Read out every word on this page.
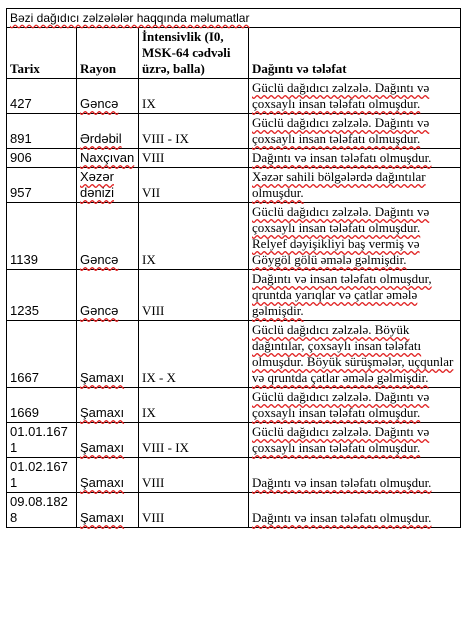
Bəzi dağıdıcı zəlzələlər haqqında məlumatlar			
Tarix	Rayon	İntensivlik (I0, MSK-64 cədvəli üzrə, balla)	Dağıntı və tələfat
427	Gəncə	IX	Güclü dağıdıcı zəlzələ. Dağıntı və çoxsaylı insan tələfatı olmuşdur.
891	Ərdəbil	VIII - IX	Güclü dağıdıcı zəlzələ. Dağıntı və çoxsaylı insan tələfatı olmuşdur.
906	Naxçıvan	VIII	Dağıntı və insan tələfatı olmuşdur.
957	Xəzər dənizi	VII	Xəzər sahili bölgələrdə dağıntılar olmuşdur.
1139	Gəncə	IX	Güclü dağıdıcı zəlzələ. Dağıntı və çoxsaylı insan tələfatı olmuşdur. Relyef dəyişikliyi baş vermiş və Göygöl gölü əmələ gəlmişdir.
1235	Gəncə	VIII	Dağıntı və insan tələfatı olmuşdur, qruntda yarıqlar və çatlar əmələ gəlmişdir.
1667	Şamaxı	IX - X	Güclü dağıdıcı zəlzələ. Böyük dağıntılar, çoxsaylı insan tələfatı olmuşdur. Böyük sürüşmələr, uçqunlar və qruntda çatlar əmələ gəlmişdir.
1669	Şamaxı	IX	Güclü dağıdıcı zəlzələ. Dağıntı və çoxsaylı insan tələfatı olmuşdur.
01.01.1671	Şamaxı	VIII - IX	Güclü dağıdıcı zəlzələ. Dağıntı və çoxsaylı insan tələfatı olmuşdur.
01.02.1671	Şamaxı	VIII	Dağıntı və insan tələfatı olmuşdur.
09.08.1828	Şamaxı	VIII	Dağıntı və insan tələfatı olmuşdur.
